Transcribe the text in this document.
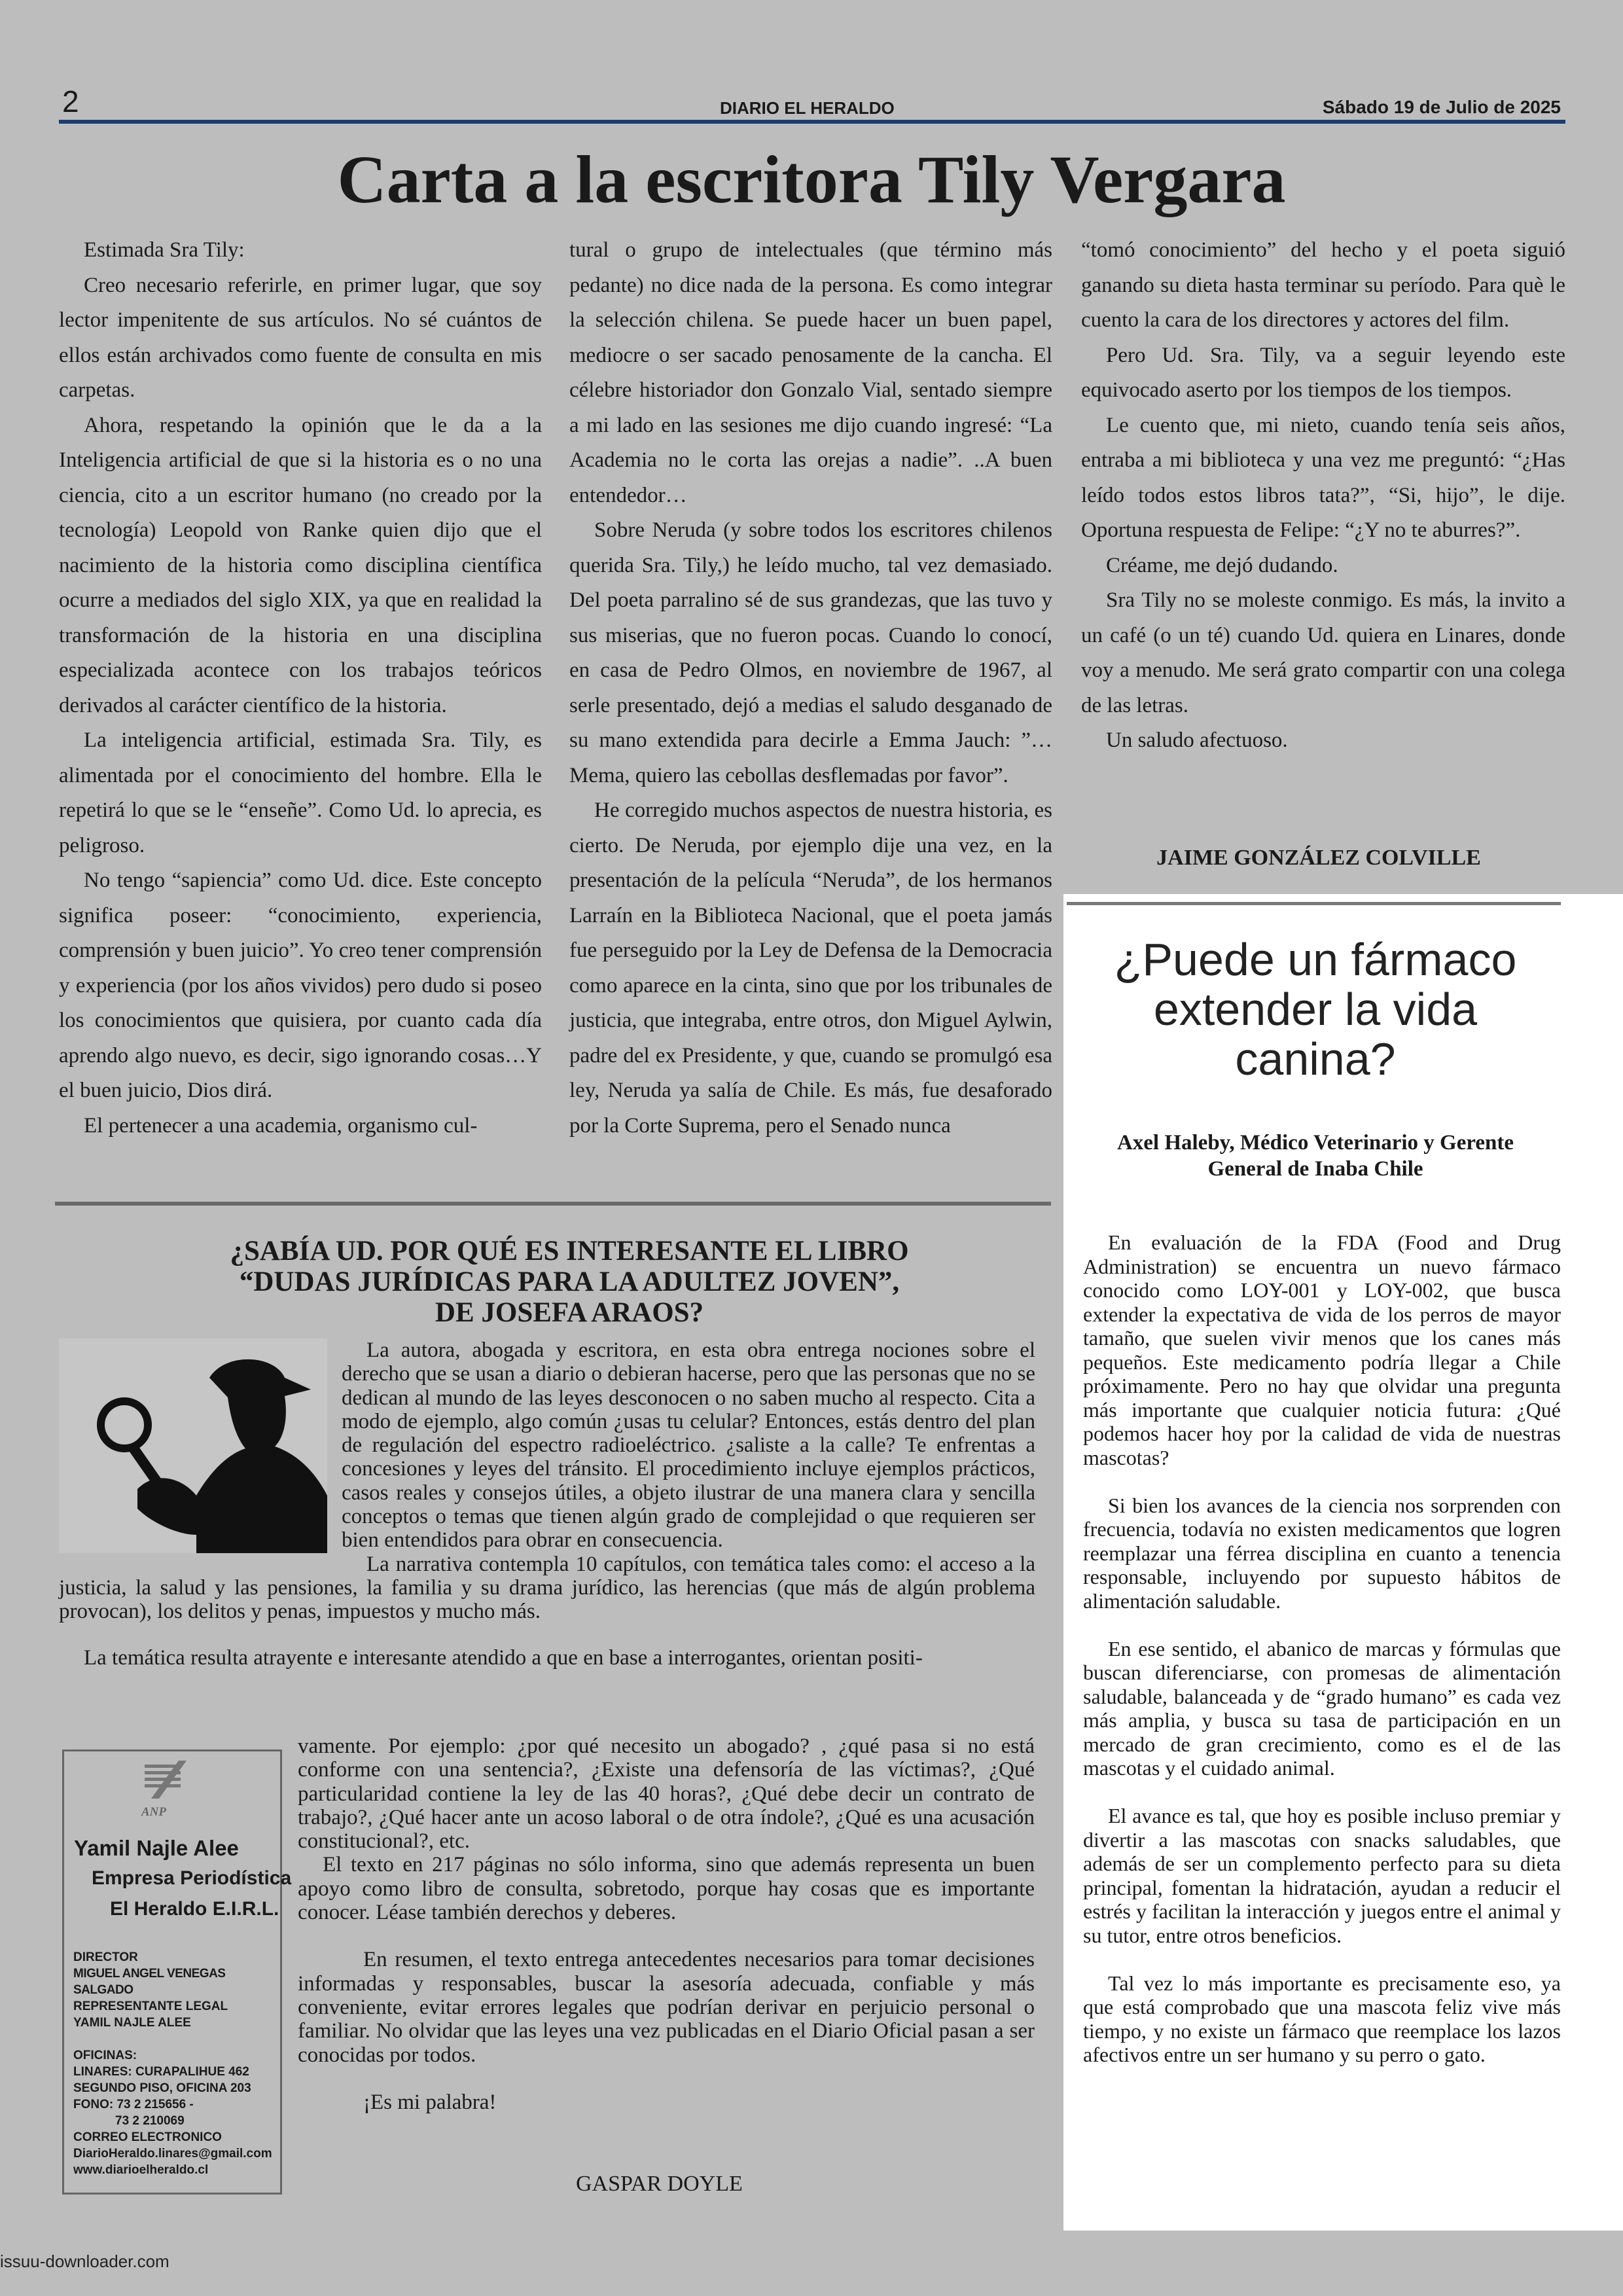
2	DIARIO EL HERALDO	Sábado 19 de Julio de 2025
Carta a la escritora Tily Vergara

Estimada Sra Tily:

Creo necesario referirle, en primer lugar, que soy lector impenitente de sus artículos. No sé cuántos de ellos están archivados como fuente de consulta en mis carpetas.

Ahora, respetando la opinión que le da a la Inteligencia artificial de que si la historia es o no una ciencia, cito a un escritor humano (no creado por la tecnología) Leopold von Ranke quien dijo que el nacimiento de la historia como disciplina científica ocurre a mediados del siglo XIX, ya que en realidad la transformación de la historia en una disciplina especializada acontece con los trabajos teóricos derivados al carácter científico de la historia.

La inteligencia artificial, estimada Sra. Tily, es alimentada por el conocimiento del hombre. Ella le repetirá lo que se le “enseñe”. Como Ud. lo aprecia, es peligroso.

No tengo “sapiencia” como Ud. dice. Este concepto significa poseer: “conocimiento, experiencia, comprensión y buen juicio”. Yo creo tener comprensión y experiencia (por los años vividos) pero dudo si poseo los conocimientos que quisiera, por cuanto cada día aprendo algo nuevo, es decir, sigo ignorando cosas…Y el buen juicio, Dios dirá.

El pertenecer a una academia, organismo cul-

tural o grupo de intelectuales (que término más pedante) no dice nada de la persona. Es como integrar la selección chilena. Se puede hacer un buen papel, mediocre o ser sacado penosamente de la cancha. El célebre historiador don Gonzalo Vial, sentado siempre a mi lado en las sesiones me dijo cuando ingresé: “La Academia no le corta las orejas a nadie”. ..A buen entendedor…

Sobre Neruda (y sobre todos los escritores chilenos querida Sra. Tily,) he leído mucho, tal vez demasiado. Del poeta parralino sé de sus grandezas, que las tuvo y sus miserias, que no fueron pocas. Cuando lo conocí, en casa de Pedro Olmos, en noviembre de 1967, al serle presentado, dejó a medias el saludo desganado de su mano extendida para decirle a Emma Jauch: ”…Mema, quiero las cebollas desflemadas por favor”.

He corregido muchos aspectos de nuestra historia, es cierto. De Neruda, por ejemplo dije una vez, en la presentación de la película “Neruda”, de los hermanos Larraín en la Biblioteca Nacional, que el poeta jamás fue perseguido por la Ley de Defensa de la Democracia como aparece en la cinta, sino que por los tribunales de justicia, que integraba, entre otros, don Miguel Aylwin, padre del ex Presidente, y que, cuando se promulgó esa ley, Neruda ya salía de Chile. Es más, fue desaforado por la Corte Suprema, pero el Senado nunca

“tomó conocimiento” del hecho y el poeta siguió ganando su dieta hasta terminar su período. Para què le cuento la cara de los directores y actores del film.

Pero Ud. Sra. Tily, va a seguir leyendo este equivocado aserto por los tiempos de los tiempos.

Le cuento que, mi nieto, cuando tenía seis años, entraba a mi biblioteca y una vez me preguntó: “¿Has leído todos estos libros tata?”, “Si, hijo”, le dije. Oportuna respuesta de Felipe: “¿Y no te aburres?”.

Créame, me dejó dudando.

Sra Tily no se moleste conmigo. Es más, la invito a un café (o un té) cuando Ud. quiera en Linares, donde voy a menudo. Me será grato compartir con una colega de las letras.

Un saludo afectuoso.

JAIME GONZÁLEZ COLVILLE
¿Puede un fármaco extender la vida canina?
Axel Haleby, Médico Veterinario y Gerente
General de Inaba Chile

En evaluación de la FDA (Food and Drug Administration) se encuentra un nuevo fármaco conocido como LOY-001 y LOY-002, que busca extender la expectativa de vida de los perros de mayor tamaño, que suelen vivir menos que los canes más pequeños. Este medicamento podría llegar a Chile próximamente. Pero no hay que olvidar una pregunta más importante que cualquier noticia futura: ¿Qué podemos hacer hoy por la calidad de vida de nuestras mascotas?

Si bien los avances de la ciencia nos sorprenden con frecuencia, todavía no existen medicamentos que logren reemplazar una férrea disciplina en cuanto a tenencia responsable, incluyendo por supuesto hábitos de alimentación saludable.

En ese sentido, el abanico de marcas y fórmulas que buscan diferenciarse, con promesas de alimentación saludable, balanceada y de “grado humano” es cada vez más amplia, y busca su tasa de participación en un mercado de gran crecimiento, como es el de las mascotas y el cuidado animal.

El avance es tal, que hoy es posible incluso premiar y divertir a las mascotas con snacks saludables, que además de ser un complemento perfecto para su dieta principal, fomentan la hidratación, ayudan a reducir el estrés y facilitan la interacción y juegos entre el animal y su tutor, entre otros beneficios.

Tal vez lo más importante es precisamente eso, ya que está comprobado que una mascota feliz vive más tiempo, y no existe un fármaco que reemplace los lazos afectivos entre un ser humano y su perro o gato.

¿SABÍA UD. POR QUÉ ES INTERESANTE EL LIBRO
“DUDAS JURÍDICAS PARA LA ADULTEZ JOVEN”,
DE JOSEFA ARAOS?

La autora, abogada y escritora, en esta obra entrega nociones sobre el derecho que se usan a diario o debieran hacerse, pero que las personas que no se dedican al mundo de las leyes desconocen o no saben mucho al respecto. Cita a modo de ejemplo, algo común ¿usas tu celular? Entonces, estás dentro del plan de regulación del espectro radioeléctrico. ¿saliste a la calle? Te enfrentas a concesiones y leyes del tránsito. El procedimiento incluye ejemplos prácticos, casos reales y consejos útiles, a objeto ilustrar de una manera clara y sencilla conceptos o temas que tienen algún grado de complejidad o que requieren ser bien entendidos para obrar en consecuencia.

La narrativa contempla 10 capítulos, con temática tales como: el acceso a la justicia, la salud y las pensiones, la familia y su drama jurídico, las herencias (que más de algún problema provocan), los delitos y penas, impuestos y mucho más.

La temática resulta atrayente e interesante atendido a que en base a interrogantes, orientan positi-

ANP
Yamil Najle Alee
Empresa Periodística
El Heraldo E.I.R.L.
DIRECTOR
MIGUEL ANGEL VENEGAS SALGADO
REPRESENTANTE LEGAL
YAMIL NAJLE ALEE
OFICINAS:
LINARES: CURAPALIHUE 462
SEGUNDO PISO, OFICINA 203
FONO: 73 2 215656 -
73 2 210069
CORREO ELECTRONICO
DiarioHeraldo.linares@gmail.com
www.diarioelheraldo.cl

vamente. Por ejemplo: ¿por qué necesito un abogado? , ¿qué pasa si no está conforme con una sentencia?, ¿Existe una defensoría de las víctimas?, ¿Qué particularidad contiene la ley de las 40 horas?, ¿Qué debe decir un contrato de trabajo?, ¿Qué hacer ante un acoso laboral o de otra índole?, ¿Qué es una acusación constitucional?, etc.

El texto en 217 páginas no sólo informa, sino que además representa un buen apoyo como libro de consulta, sobretodo, porque hay cosas que es importante conocer. Léase también derechos y deberes.

En resumen, el texto entrega antecedentes necesarios para tomar decisiones informadas y responsables, buscar la asesoría adecuada, confiable y más conveniente, evitar errores legales que podrían derivar en perjuicio personal o familiar. No olvidar que las leyes una vez publicadas en el Diario Oficial pasan a ser conocidas por todos.

¡Es mi palabra!

GASPAR DOYLE
issuu-downloader.com
